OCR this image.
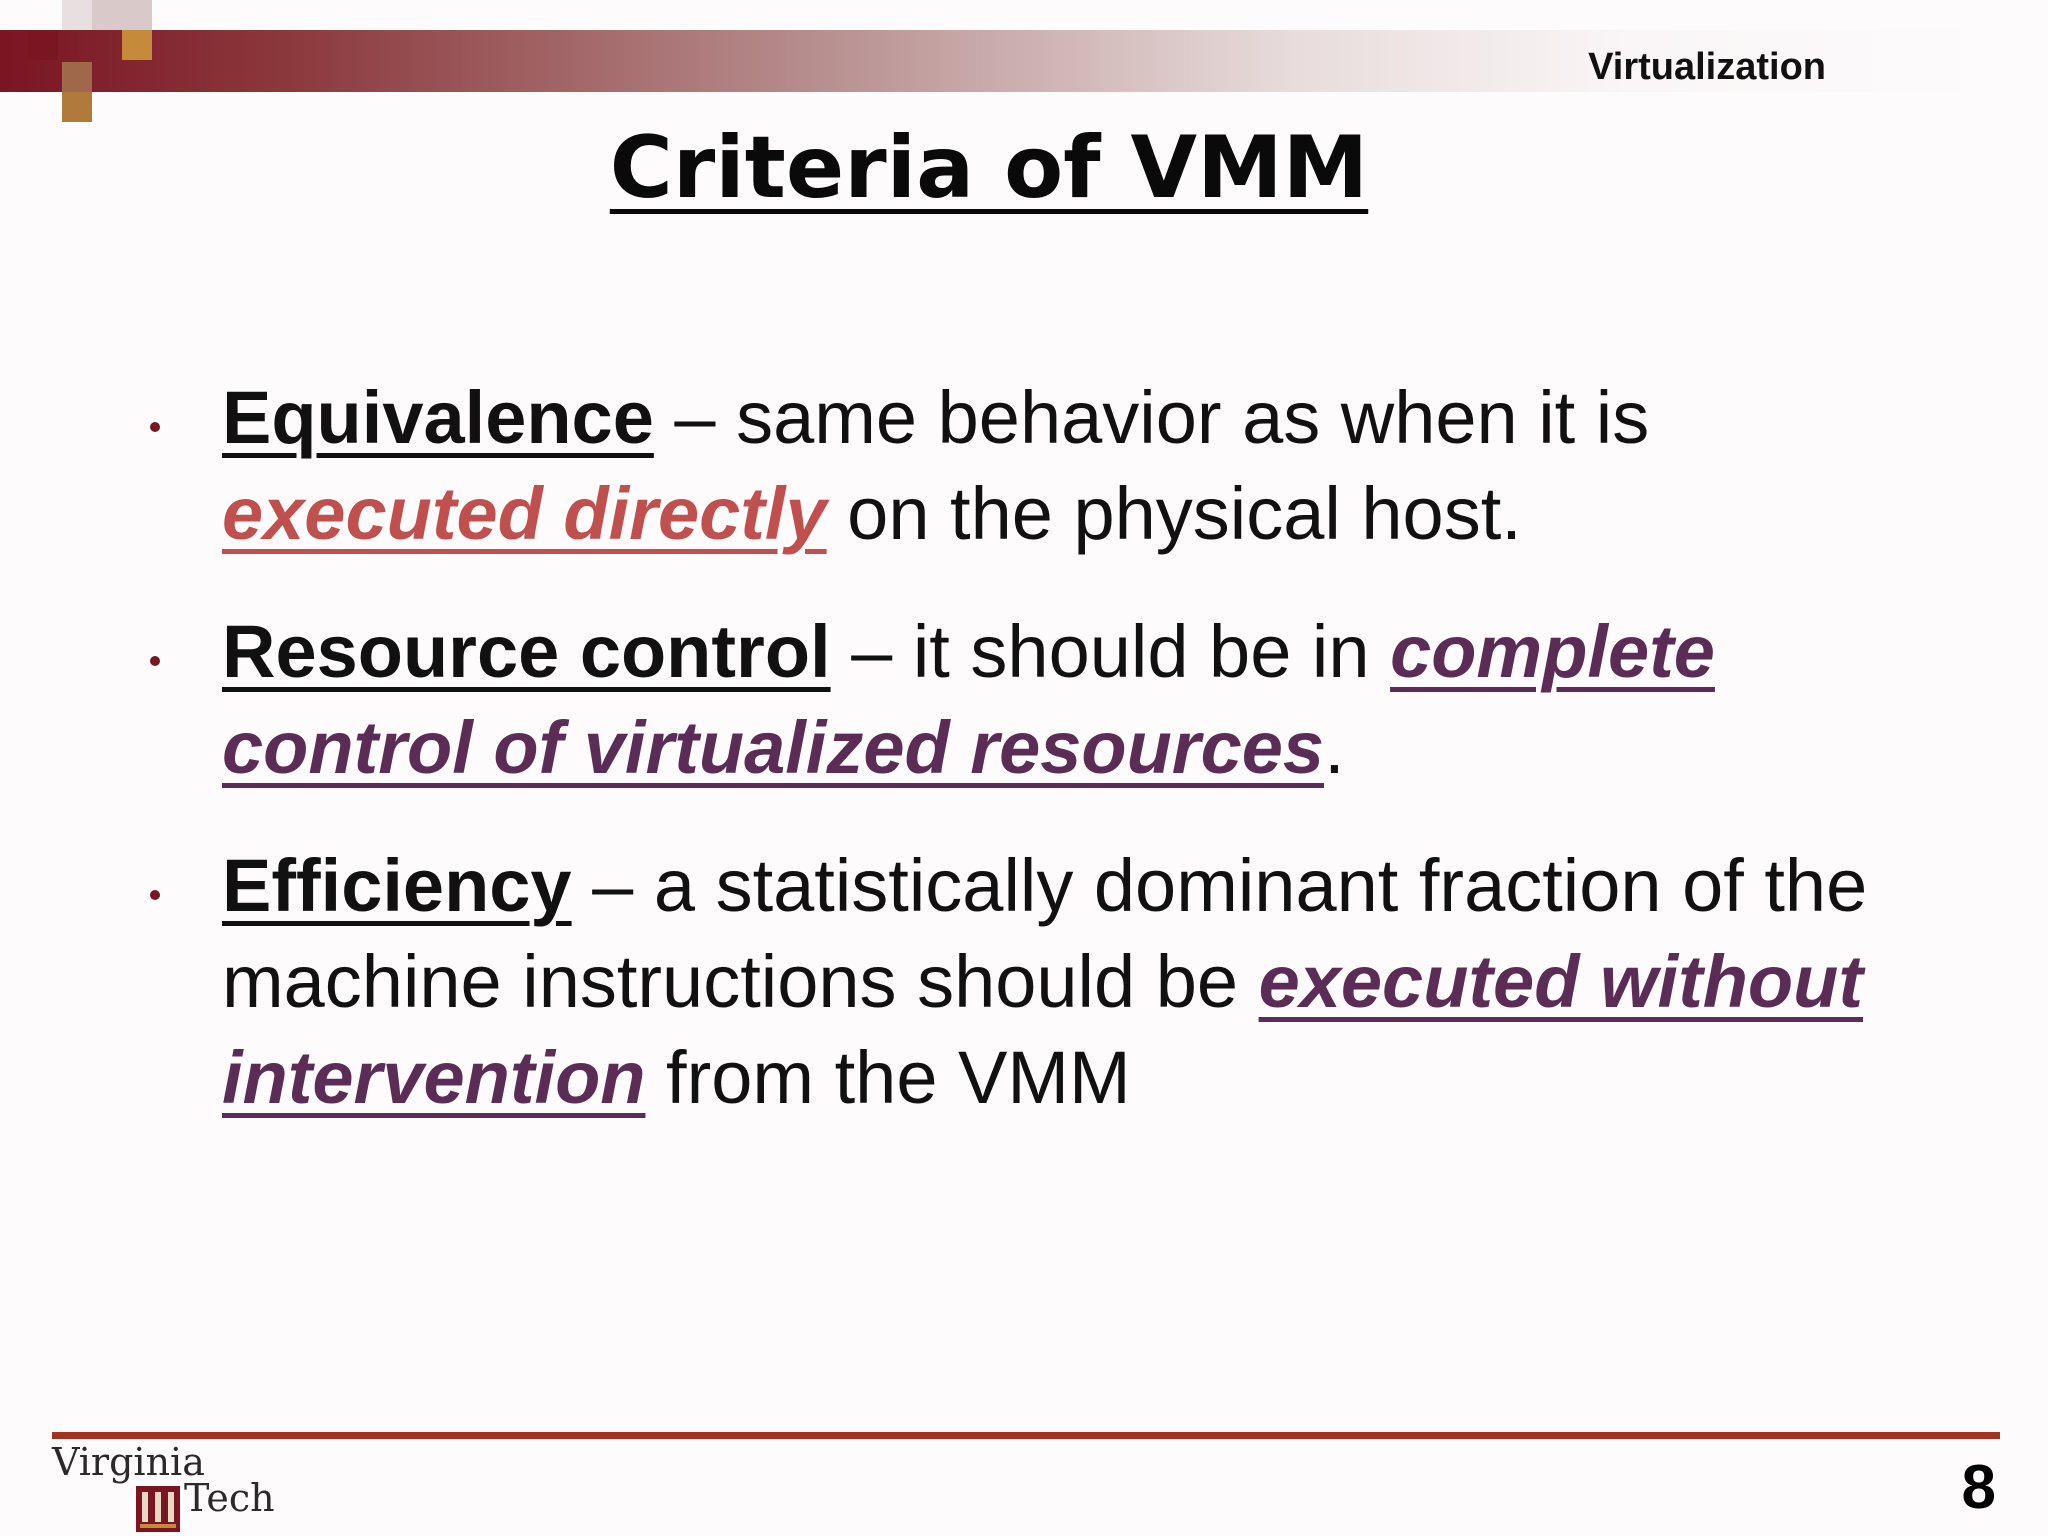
Virtualization
Criteria of VMM
Equivalence – same behavior as when it is
executed directly on the physical host.
Resource control – it should be in complete control of virtualized resources.
Efficiency – a statistically dominant fraction of the machine instructions should be executed without intervention from the VMM
Virginia
Tech	8
